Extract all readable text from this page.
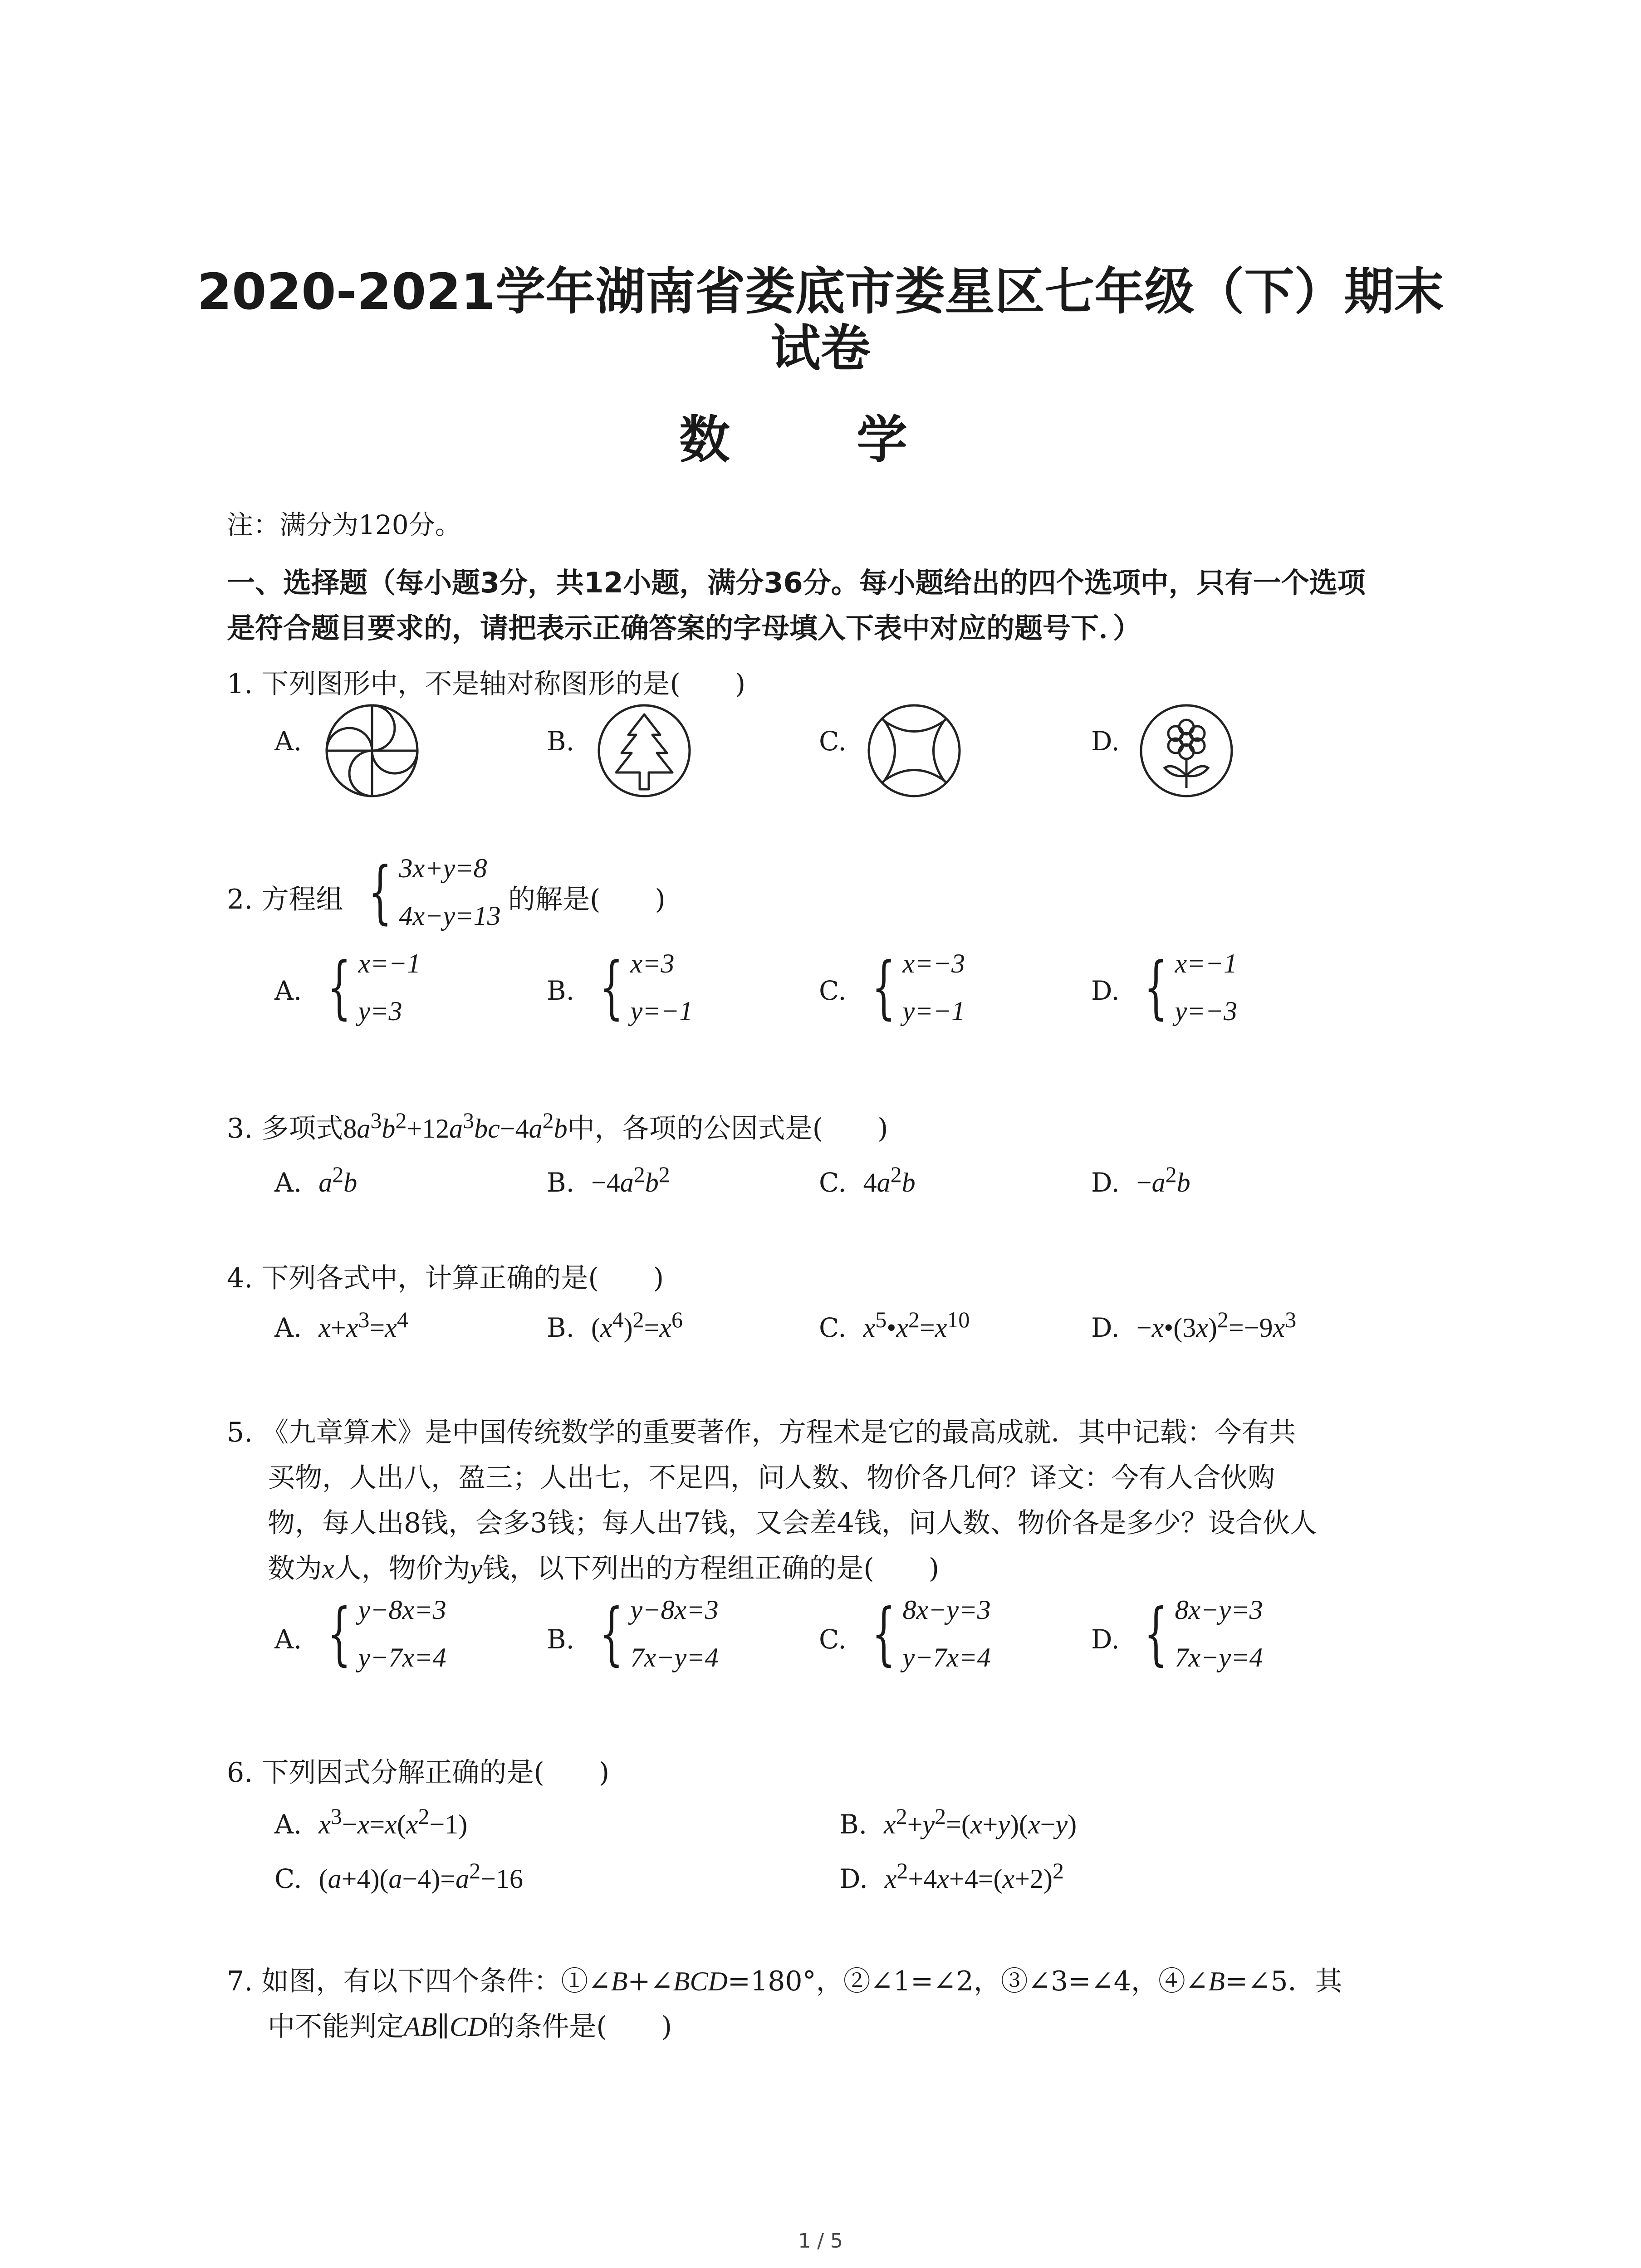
2020-2021学年湖南省娄底市娄星区七年级（下）期末
试卷
数 学
注：满分为120分。
一、选择题（每小题3分，共12小题，满分36分。每小题给出的四个选项中，只有一个选项
是符合题目要求的，请把表示正确答案的字母填入下表中对应的题号下．）
1. 下列图形中，不是轴对称图形的是(　　)
A.	B.	C.	D.
2. 方程组 { 3x+y=8
4x−y=13
的解是(　　)
A. { x=−1
y=3
B. { x=3
y=−1
C. { x=−3
y=−1
D. { x=−1
y=−3
3. 多项式$8a^3b^2+12a^3bc-4a^2b$中，各项的公因式是(　　)
A. $a^2b$	B. $-4a^2b^2$	C. $4a^2b$	D. $-a^2b$
4. 下列各式中，计算正确的是(　　)
A. $x+x^3=x^4$	B. $(x^4)^2=x^6$	C. $x^5•x^2=x^{10}$	D. $-x•(3x)^2=-9x^3$
5. 《九章算术》是中国传统数学的重要著作，方程术是它的最高成就．其中记载：今有共
买物，人出八，盈三；人出七，不足四，问人数、物价各几何？译文：今有人合伙购
物，每人出8钱，会多3钱；每人出7钱，又会差4钱，问人数、物价各是多少？设合伙人
数为x人，物价为y钱，以下列出的方程组正确的是(　　)
A. { y−8x=3
y−7x=4
B. { y−8x=3
7x−y=4
C. { 8x−y=3
y−7x=4
D. { 8x−y=3
7x−y=4
6. 下列因式分解正确的是(　　)
A. $x^3-x=x(x^2-1)$	B. $x^2+y^2=(x+y)(x-y)$
C. $(a+4)(a-4)=a^2-16$	D. $x^2+4x+4=(x+2)^2$
7. 如图，有以下四个条件：①∠B+∠BCD=180°，②∠1=∠2，③∠3=∠4，④∠B=∠5．其
中不能判定AB∥CD的条件是(　　)
1 / 5
